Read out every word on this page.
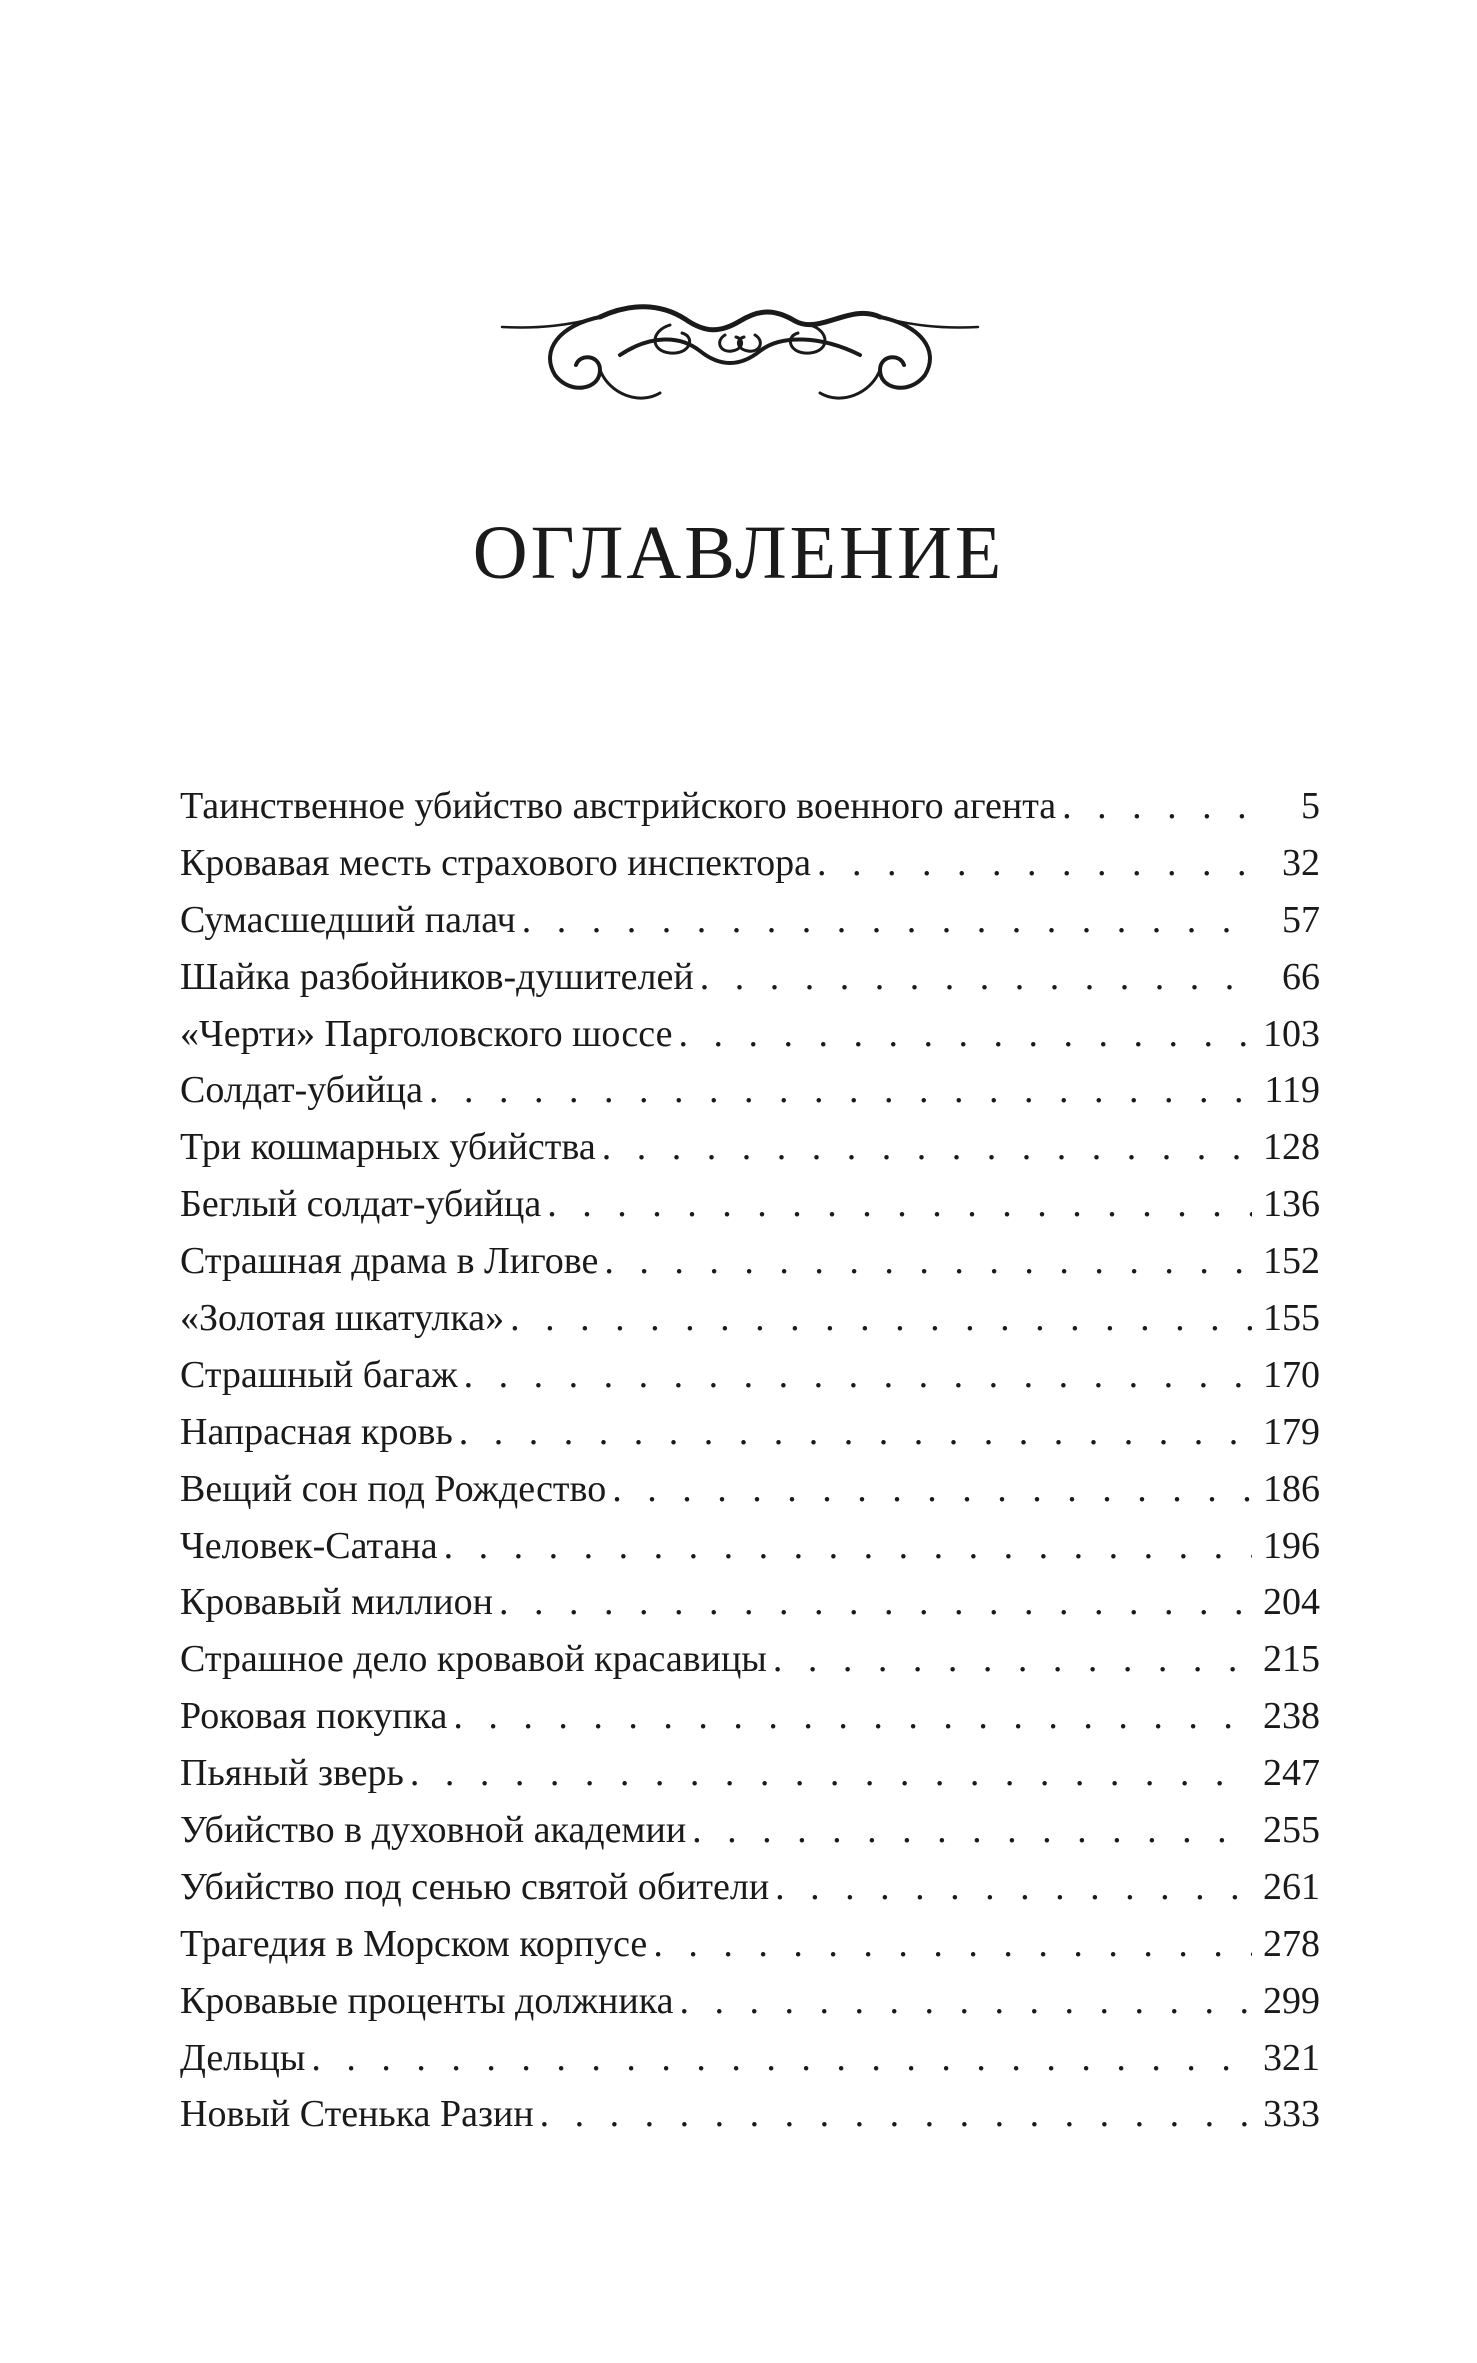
ОГЛАВЛЕНИЕ
Таинственное убийство австрийского военного агента . . .	5
Кровавая месть страхового инспектора . . .	32
Сумасшедший палач . . .	57
Шайка разбойников-душителей . . .	66
«Черти» Парголовского шоссе . . .	103
Солдат-убийца . . .	119
Три кошмарных убийства . . .	128
Беглый солдат-убийца . . .	136
Страшная драма в Лигове . . .	152
«Золотая шкатулка» . . .	155
Страшный багаж . . .	170
Напрасная кровь . . .	179
Вещий сон под Рождество . . .	186
Человек-Сатана . . .	196
Кровавый миллион . . .	204
Страшное дело кровавой красавицы . . .	215
Роковая покупка . . .	238
Пьяный зверь . . .	247
Убийство в духовной академии . . .	255
Убийство под сенью святой обители . . .	261
Трагедия в Морском корпусе . . .	278
Кровавые проценты должника . . .	299
Дельцы . . .	321
Новый Стенька Разин . . .	333
